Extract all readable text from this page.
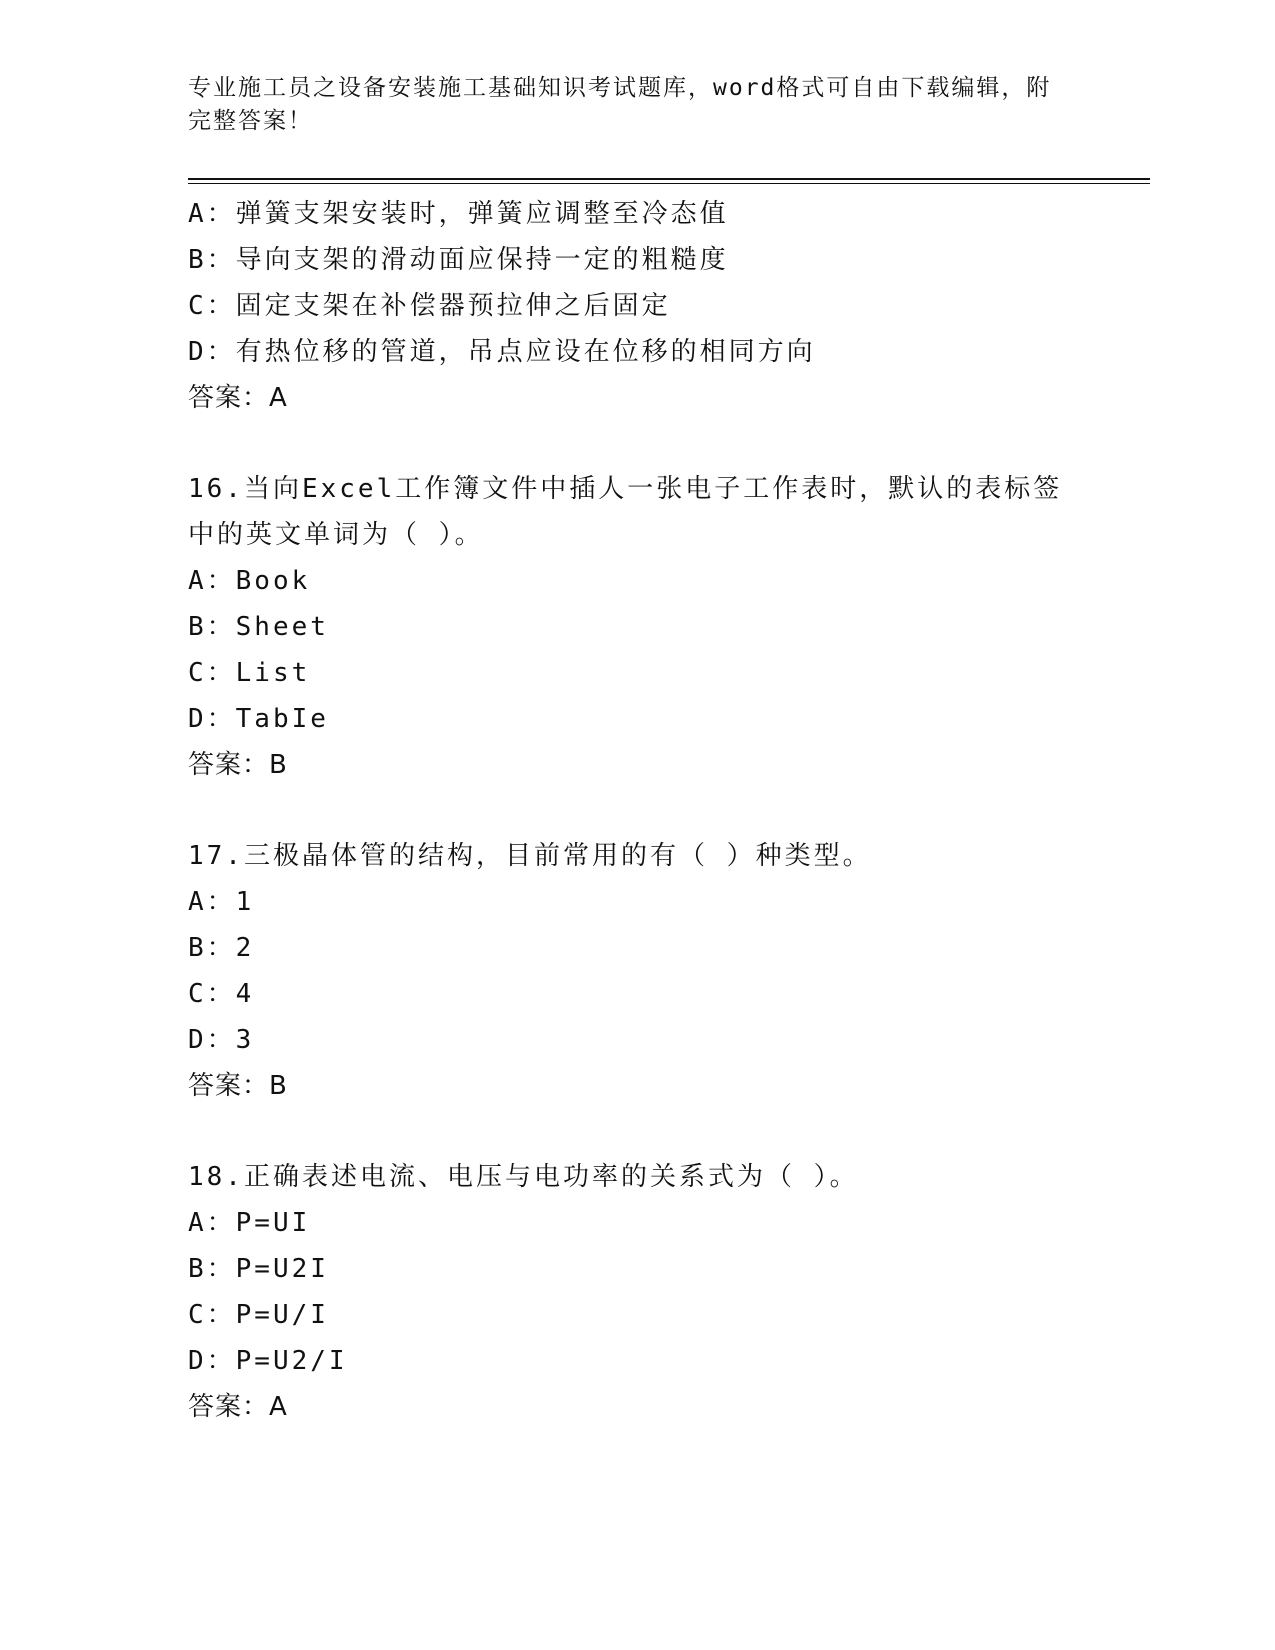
专业施工员之设备安装施工基础知识考试题库，word格式可自由下载编辑，附完整答案！
A：弹簧支架安装时，弹簧应调整至冷态值
B：导向支架的滑动面应保持一定的粗糙度
C：固定支架在补偿器预拉伸之后固定
D：有热位移的管道，吊点应设在位移的相同方向
答案：A
16.当向Excel工作簿文件中插人一张电子工作表时，默认的表标签中的英文单词为（ ）。
A：Book
B：Sheet
C：List
D：TabIe
答案：B
17.三极晶体管的结构，目前常用的有（ ）种类型。
A：1
B：2
C：4
D：3
答案：B
18.正确表述电流、电压与电功率的关系式为（ ）。
A：P=UI
B：P=U2I
C：P=U/I
D：P=U2/I
答案：A
